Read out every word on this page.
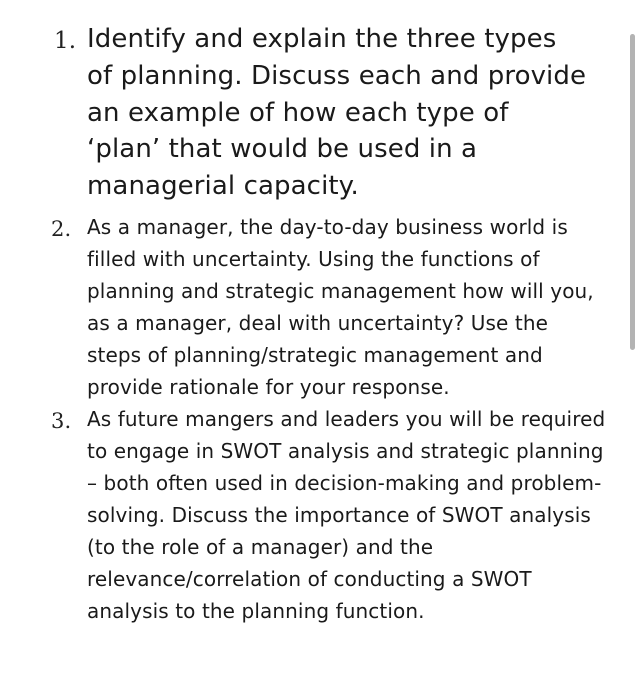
1. Identify and explain the three types of planning. Discuss each and provide an example of how each type of ‘plan’ that would be used in a managerial capacity.
2. As a manager, the day-to-day business world is filled with uncertainty. Using the functions of planning and strategic management how will you, as a manager, deal with uncertainty? Use the steps of planning/strategic management and provide rationale for your response.
3. As future mangers and leaders you will be required to engage in SWOT analysis and strategic planning – both often used in decision-making and problem-solving. Discuss the importance of SWOT analysis (to the role of a manager) and the relevance/correlation of conducting a SWOT analysis to the planning function.
